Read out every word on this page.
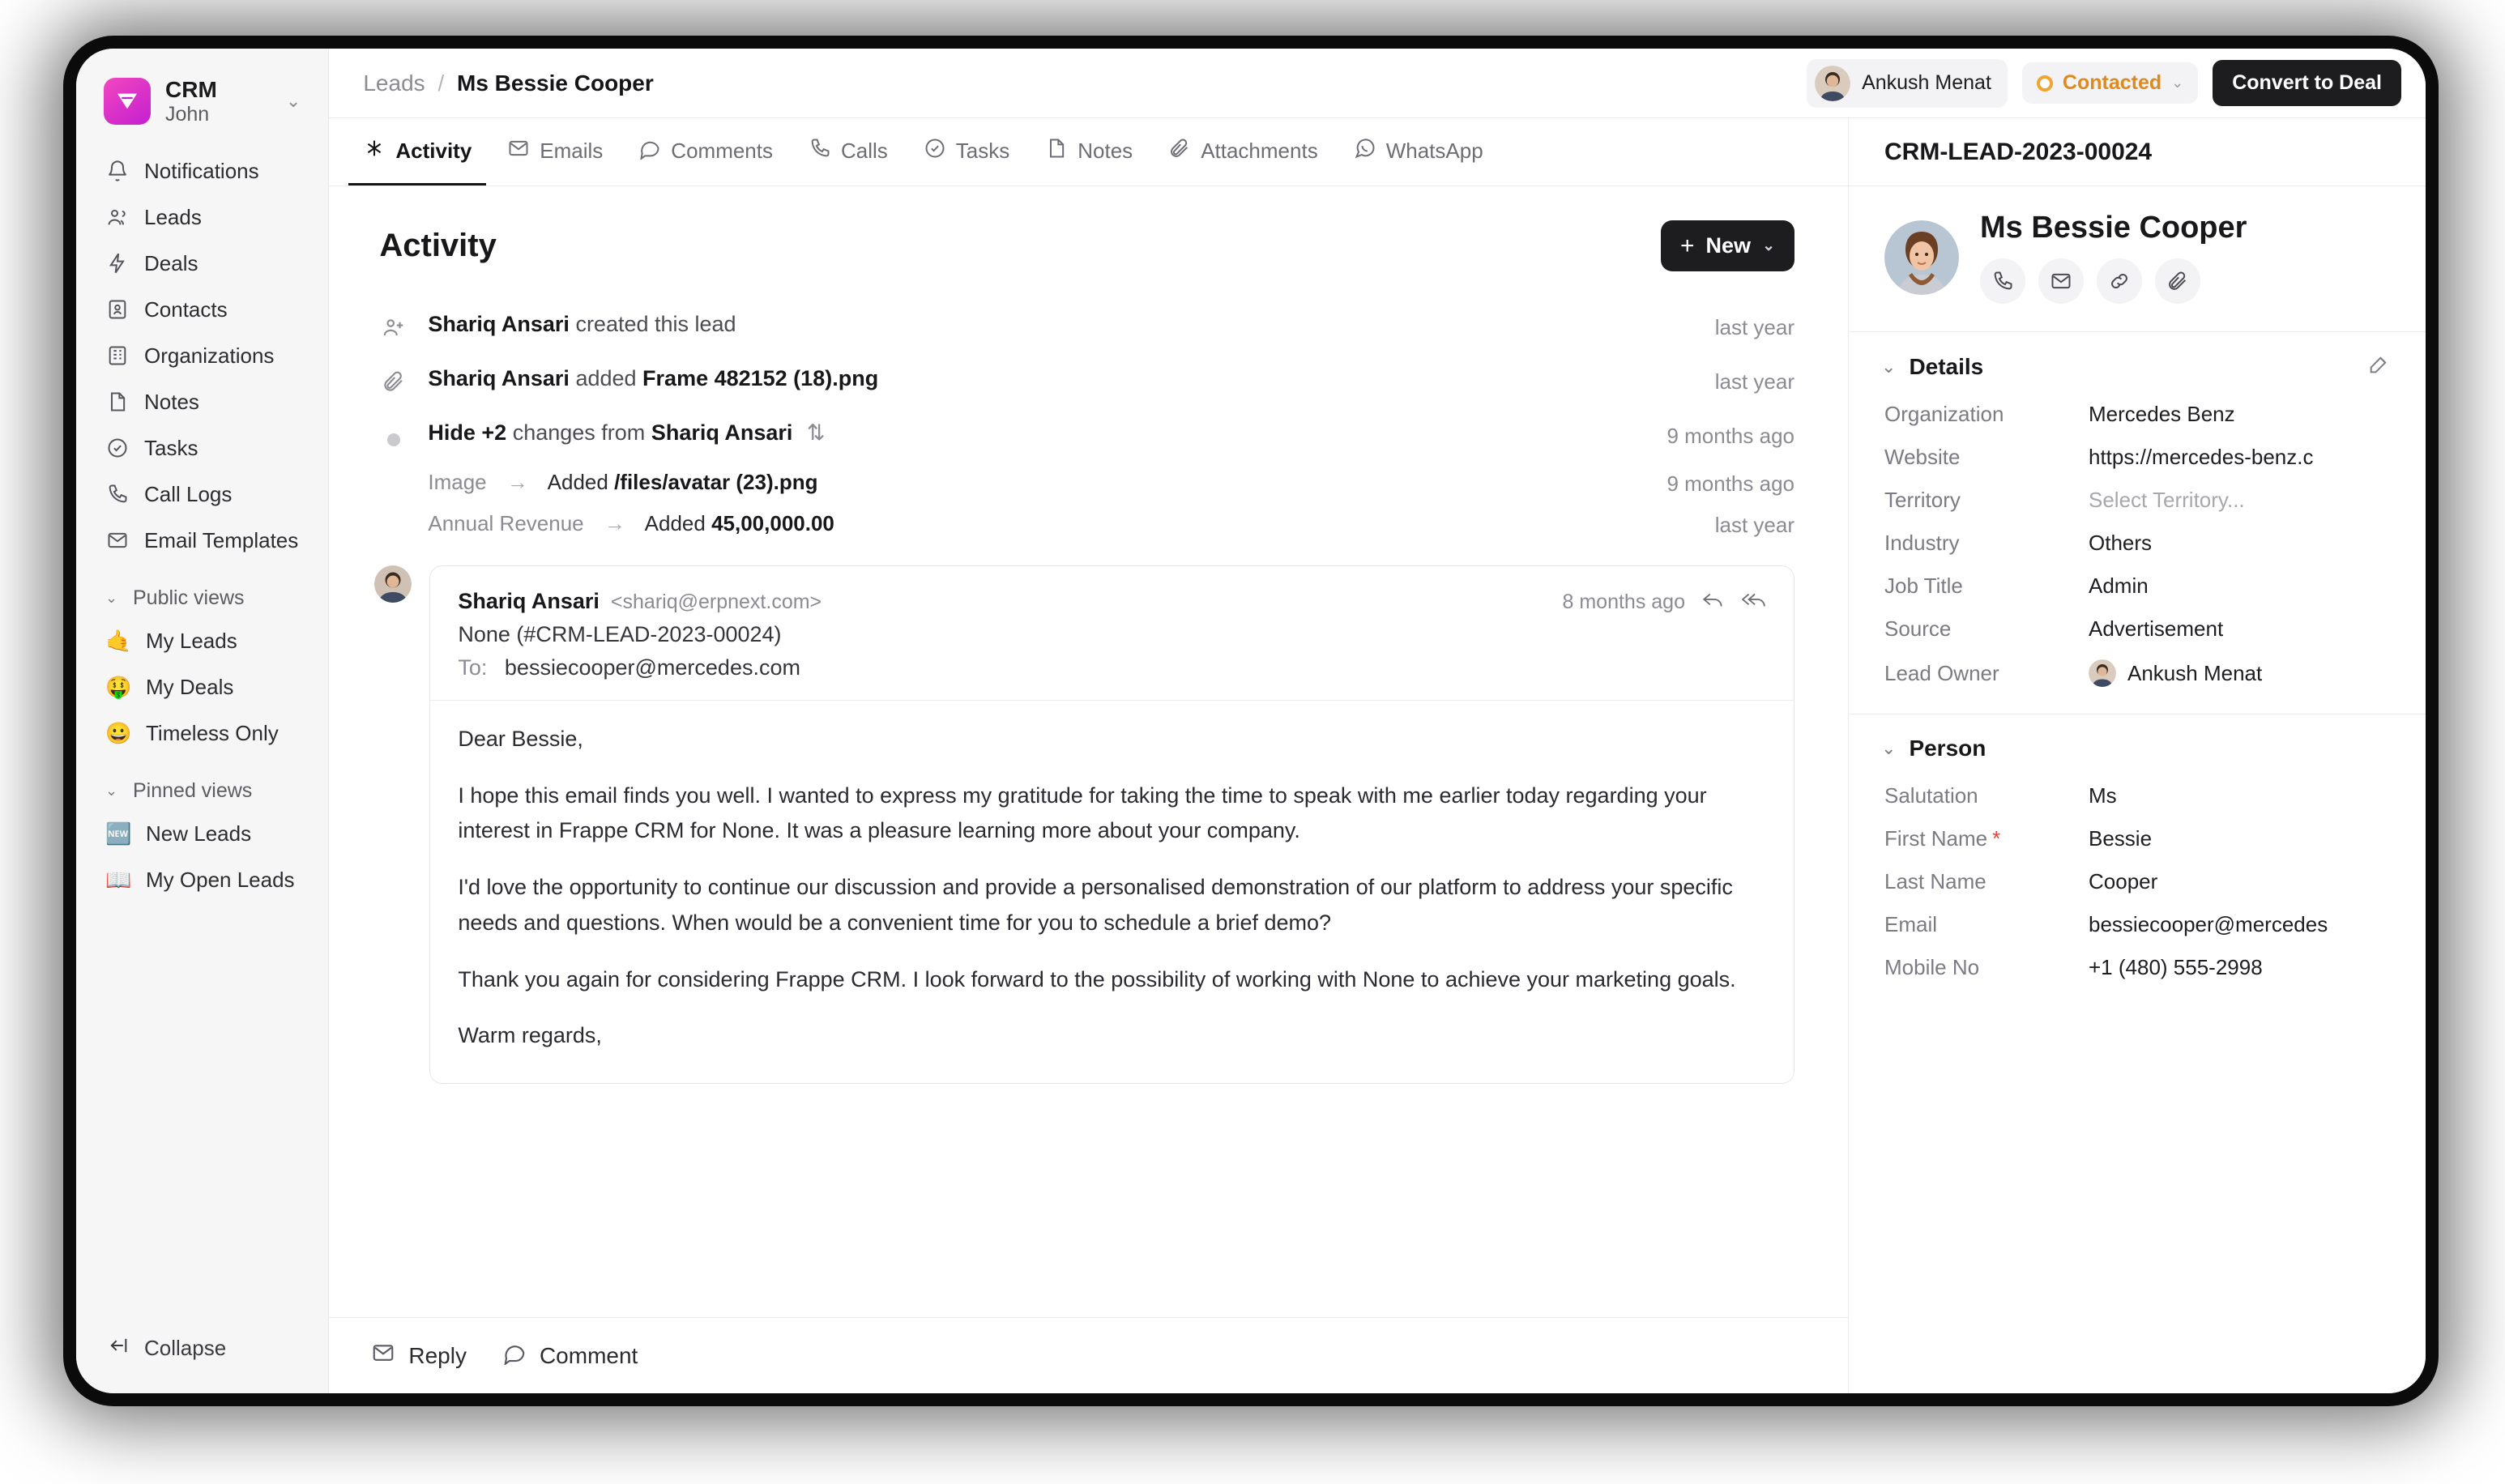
CRM
John
⌄
Notifications
Leads
Deals
Contacts
Organizations
Notes
Tasks
Call Logs
Email Templates
⌄ Public views
🤙 My Leads
🤑 My Deals
😀 Timeless Only
⌄ Pinned views
🆕 New Leads
📖 My Open Leads
Collapse
Leads / Ms Bessie Cooper	Ankush Menat	Contacted ⌄	Convert to Deal
Activity	Emails	Comments	Calls	Tasks	Notes	Attachments	WhatsApp
Activity	+ New ⌄
Shariq Ansari created this lead	last year
Shariq Ansari added Frame 482152 (18).png	last year
Hide +2 changes from Shariq Ansari ⇅	9 months ago
Image → Added /files/avatar (23).png	9 months ago
Annual Revenue → Added 45,00,000.00	last year
Shariq Ansari <shariq@erpnext.com>	8 months ago
None (#CRM-LEAD-2023-00024)
To: bessiecooper@mercedes.com

Dear Bessie,

I hope this email finds you well. I wanted to express my gratitude for taking the time to speak with me earlier today regarding your interest in Frappe CRM for None. It was a pleasure learning more about your company.

I'd love the opportunity to continue our discussion and provide a personalised demonstration of our platform to address your specific needs and questions. When would be a convenient time for you to schedule a brief demo?

Thank you again for considering Frappe CRM. I look forward to the possibility of working with None to achieve your marketing goals.

Warm regards,

Reply	Comment
CRM-LEAD-2023-00024
Ms Bessie Cooper
⌄ Details
Organization	Mercedes Benz
Website	https://mercedes-benz.c
Territory	Select Territory...
Industry	Others
Job Title	Admin
Source	Advertisement
Lead Owner	Ankush Menat
⌄ Person
Salutation	Ms
First Name *	Bessie
Last Name	Cooper
Email	bessiecooper@mercedes
Mobile No	+1 (480) 555-2998
